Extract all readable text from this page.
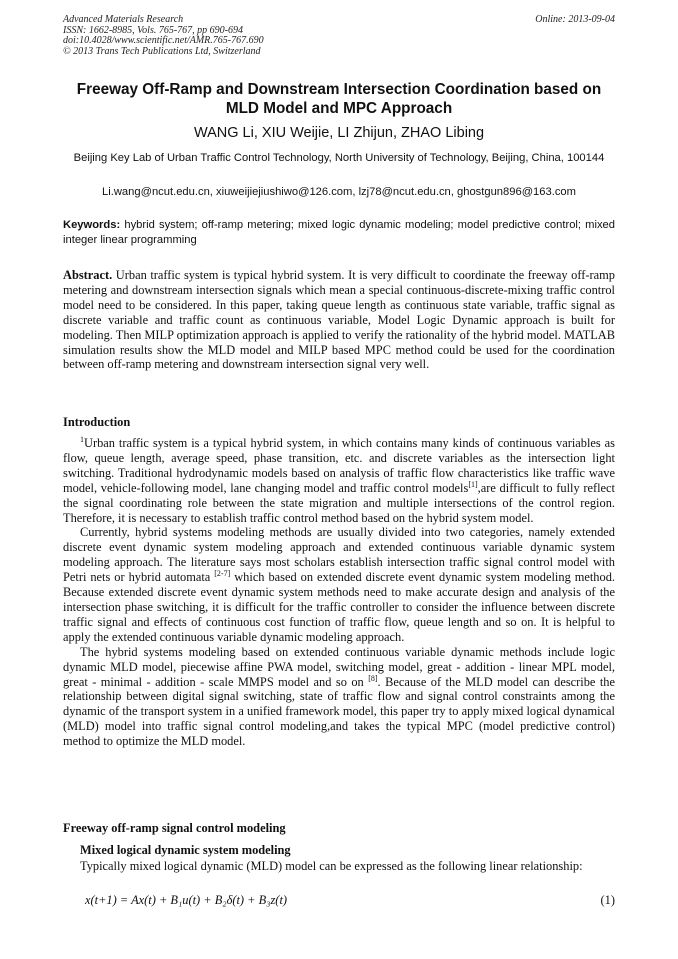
Advanced Materials Research
ISSN: 1662-8985, Vols. 765-767, pp 690-694
doi:10.4028/www.scientific.net/AMR.765-767.690
© 2013 Trans Tech Publications Ltd, Switzerland
Online: 2013-09-04
Freeway Off-Ramp and Downstream Intersection Coordination based on MLD Model and MPC Approach
WANG Li, XIU Weijie, LI Zhijun, ZHAO Libing
Beijing Key Lab of Urban Traffic Control Technology, North University of Technology, Beijing, China, 100144
Li.wang@ncut.edu.cn, xiuweijiejiushiwo@126.com, lzj78@ncut.edu.cn, ghostgun896@163.com
Keywords: hybrid system; off-ramp metering; mixed logic dynamic modeling; model predictive control; mixed integer linear programming

Abstract. Urban traffic system is typical hybrid system. It is very difficult to coordinate the freeway off-ramp metering and downstream intersection signals which mean a special continuous-discrete-mixing traffic control model need to be considered. In this paper, taking queue length as continuous state variable, traffic signal as discrete variable and traffic count as continuous variable, Model Logic Dynamic approach is built for modeling. Then MILP optimization approach is applied to verify the rationality of the hybrid model. MATLAB simulation results show the MLD model and MILP based MPC method could be used for the coordination between off-ramp metering and downstream intersection signal very well.

Introduction

$^1$Urban traffic system is a typical hybrid system, in which contains many kinds of continuous variables as flow, queue length, average speed, phase transition, etc. and discrete variables as the intersection light switching. Traditional hydrodynamic models based on analysis of traffic flow characteristics like traffic wave model, vehicle-following model, lane changing model and traffic control models[1],are difficult to fully reflect the signal coordinating role between the state migration and multiple intersections of the control region. Therefore, it is necessary to establish traffic control method based on the hybrid system model.

Currently, hybrid systems modeling methods are usually divided into two categories, namely extended discrete event dynamic system modeling approach and extended continuous variable dynamic system modeling approach. The literature says most scholars establish intersection traffic signal control model with Petri nets or hybrid automata [2-7] which based on extended discrete event dynamic system modeling method. Because extended discrete event dynamic system methods need to make accurate design and analysis of the intersection phase switching, it is difficult for the traffic controller to consider the influence between discrete traffic signal and effects of continuous cost function of traffic flow, queue length and so on. It is helpful to apply the extended continuous variable dynamic modeling approach.

The hybrid systems modeling based on extended continuous variable dynamic methods include logic dynamic MLD model, piecewise affine PWA model, switching model, great - addition - linear MPL model, great - minimal - addition - scale MMPS model and so on [8]. Because of the MLD model can describe the relationship between digital signal switching, state of traffic flow and signal control constraints among the dynamic of the transport system in a unified framework model, this paper try to apply mixed logical dynamical (MLD) model into traffic signal control modeling,and takes the typical MPC (model predictive control) method to optimize the MLD model.

Freeway off-ramp signal control modeling
Mixed logical dynamic system modeling

Typically mixed logical dynamic (MLD) model can be expressed as the following linear relationship:

x(t+1) = Ax(t) + B₁u(t) + B₂δ(t) + B₃z(t)	(1)
